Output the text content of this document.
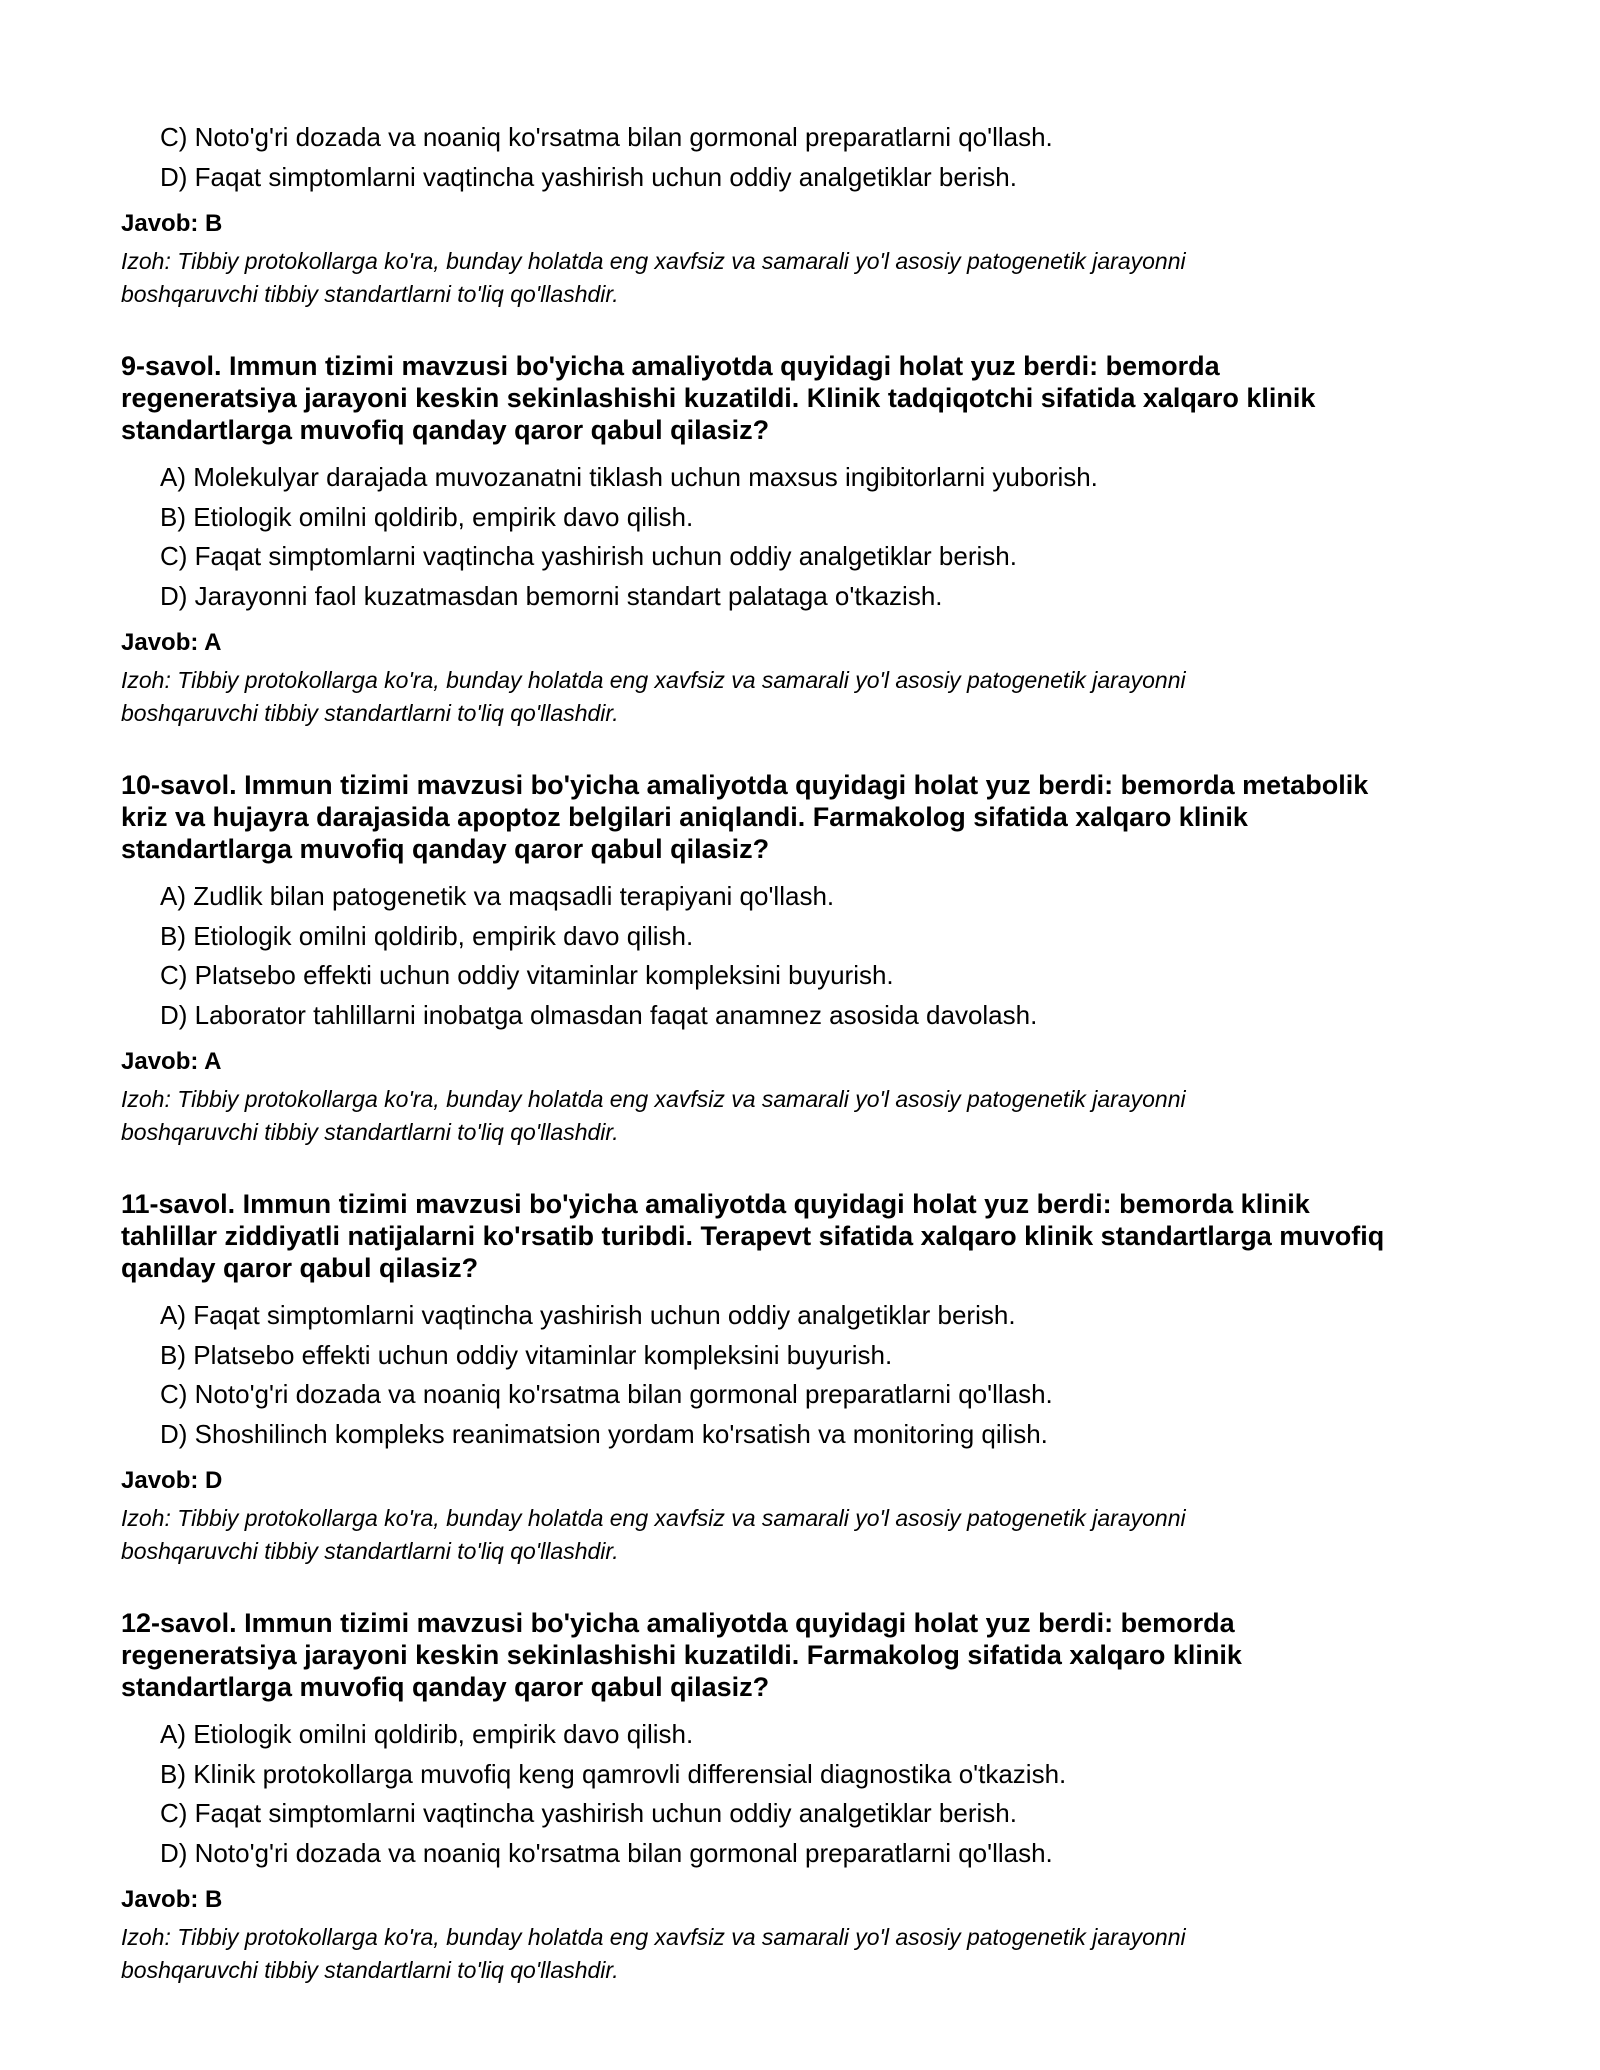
C) Noto'g'ri dozada va noaniq ko'rsatma bilan gormonal preparatlarni qo'llash.
D) Faqat simptomlarni vaqtincha yashirish uchun oddiy analgetiklar berish.
Javob: B
Izoh: Tibbiy protokollarga ko'ra, bunday holatda eng xavfsiz va samarali yo'l asosiy patogenetik jarayonni
boshqaruvchi tibbiy standartlarni to'liq qo'llashdir.
9-savol. Immun tizimi mavzusi bo'yicha amaliyotda quyidagi holat yuz berdi: bemorda
regeneratsiya jarayoni keskin sekinlashishi kuzatildi. Klinik tadqiqotchi sifatida xalqaro klinik
standartlarga muvofiq qanday qaror qabul qilasiz?
A) Molekulyar darajada muvozanatni tiklash uchun maxsus ingibitorlarni yuborish.
B) Etiologik omilni qoldirib, empirik davo qilish.
C) Faqat simptomlarni vaqtincha yashirish uchun oddiy analgetiklar berish.
D) Jarayonni faol kuzatmasdan bemorni standart palataga o'tkazish.
Javob: A
Izoh: Tibbiy protokollarga ko'ra, bunday holatda eng xavfsiz va samarali yo'l asosiy patogenetik jarayonni
boshqaruvchi tibbiy standartlarni to'liq qo'llashdir.
10-savol. Immun tizimi mavzusi bo'yicha amaliyotda quyidagi holat yuz berdi: bemorda metabolik
kriz va hujayra darajasida apoptoz belgilari aniqlandi. Farmakolog sifatida xalqaro klinik
standartlarga muvofiq qanday qaror qabul qilasiz?
A) Zudlik bilan patogenetik va maqsadli terapiyani qo'llash.
B) Etiologik omilni qoldirib, empirik davo qilish.
C) Platsebo effekti uchun oddiy vitaminlar kompleksini buyurish.
D) Laborator tahlillarni inobatga olmasdan faqat anamnez asosida davolash.
Javob: A
Izoh: Tibbiy protokollarga ko'ra, bunday holatda eng xavfsiz va samarali yo'l asosiy patogenetik jarayonni
boshqaruvchi tibbiy standartlarni to'liq qo'llashdir.
11-savol. Immun tizimi mavzusi bo'yicha amaliyotda quyidagi holat yuz berdi: bemorda klinik
tahlillar ziddiyatli natijalarni ko'rsatib turibdi. Terapevt sifatida xalqaro klinik standartlarga muvofiq
qanday qaror qabul qilasiz?
A) Faqat simptomlarni vaqtincha yashirish uchun oddiy analgetiklar berish.
B) Platsebo effekti uchun oddiy vitaminlar kompleksini buyurish.
C) Noto'g'ri dozada va noaniq ko'rsatma bilan gormonal preparatlarni qo'llash.
D) Shoshilinch kompleks reanimatsion yordam ko'rsatish va monitoring qilish.
Javob: D
Izoh: Tibbiy protokollarga ko'ra, bunday holatda eng xavfsiz va samarali yo'l asosiy patogenetik jarayonni
boshqaruvchi tibbiy standartlarni to'liq qo'llashdir.
12-savol. Immun tizimi mavzusi bo'yicha amaliyotda quyidagi holat yuz berdi: bemorda
regeneratsiya jarayoni keskin sekinlashishi kuzatildi. Farmakolog sifatida xalqaro klinik
standartlarga muvofiq qanday qaror qabul qilasiz?
A) Etiologik omilni qoldirib, empirik davo qilish.
B) Klinik protokollarga muvofiq keng qamrovli differensial diagnostika o'tkazish.
C) Faqat simptomlarni vaqtincha yashirish uchun oddiy analgetiklar berish.
D) Noto'g'ri dozada va noaniq ko'rsatma bilan gormonal preparatlarni qo'llash.
Javob: B
Izoh: Tibbiy protokollarga ko'ra, bunday holatda eng xavfsiz va samarali yo'l asosiy patogenetik jarayonni
boshqaruvchi tibbiy standartlarni to'liq qo'llashdir.
